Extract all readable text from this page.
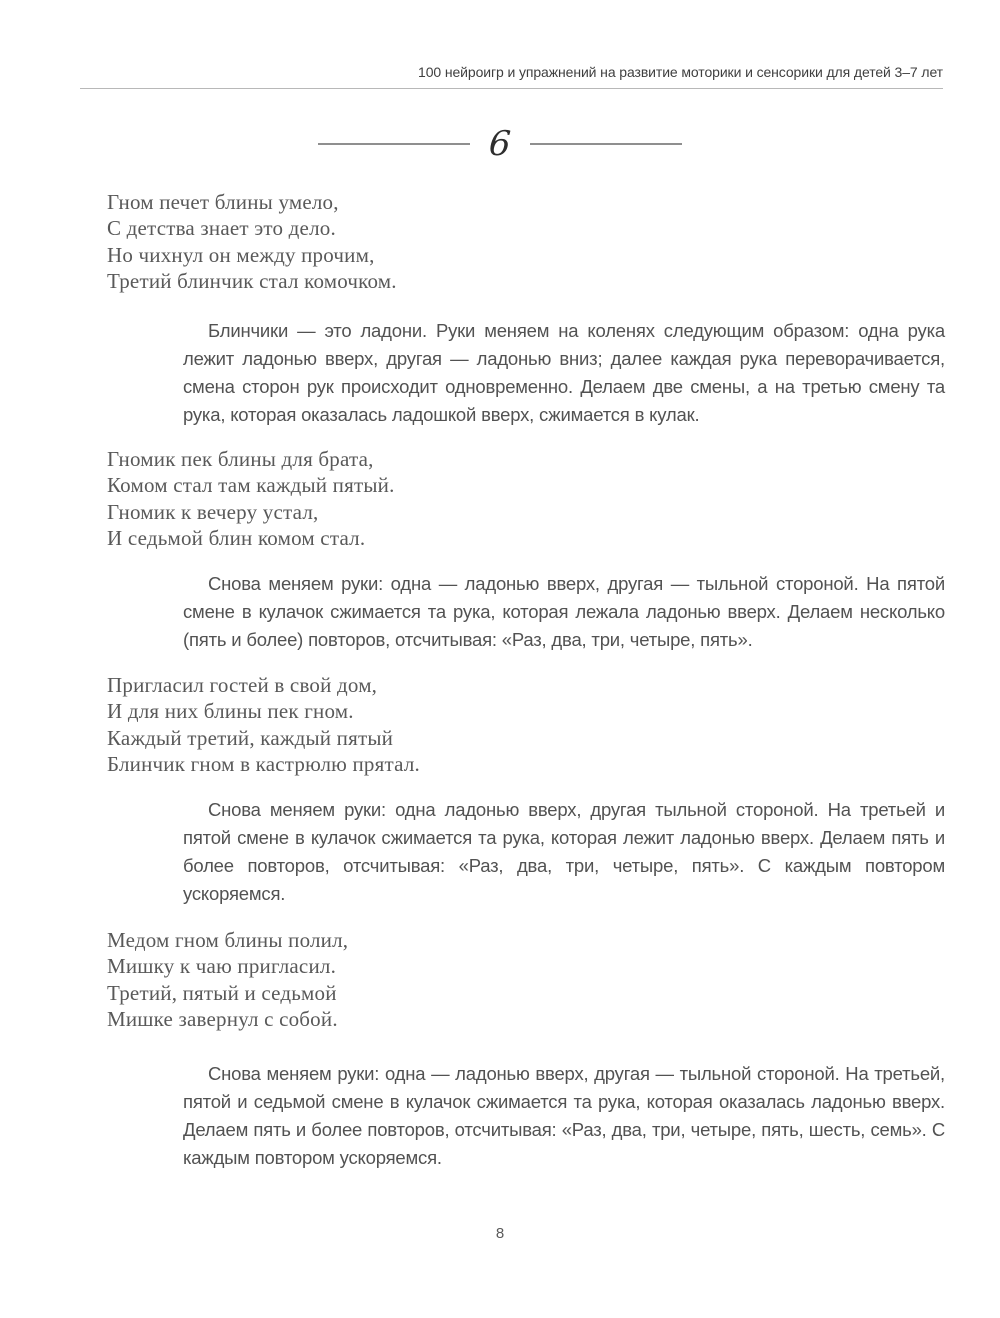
100 нейроигр и упражнений на развитие моторики и сенсорики для детей 3–7 лет
6
Гном печет блины умело,
С детства знает это дело.
Но чихнул он между прочим,
Третий блинчик стал комочком.
Блинчики — это ладони. Руки меняем на коленях следующим образом: одна рука лежит ладонью вверх, другая — ладонью вниз; далее каждая рука переворачивается, смена сторон рук происходит одновременно. Делаем две смены, а на третью смену та рука, которая оказалась ладошкой вверх, сжимается в кулак.
Гномик пек блины для брата,
Комом стал там каждый пятый.
Гномик к вечеру устал,
И седьмой блин комом стал.
Снова меняем руки: одна — ладонью вверх, другая — тыльной стороной. На пятой смене в кулачок сжимается та рука, которая лежала ладонью вверх. Делаем несколько (пять и более) повторов, отсчитывая: «Раз, два, три, четыре, пять».
Пригласил гостей в свой дом,
И для них блины пек гном.
Каждый третий, каждый пятый
Блинчик гном в кастрюлю прятал.
Снова меняем руки: одна ладонью вверх, другая тыльной стороной. На третьей и пятой смене в кулачок сжимается та рука, которая лежит ладонью вверх. Делаем пять и более повторов, отсчитывая: «Раз, два, три, четыре, пять». С каждым повтором ускоряемся.
Медом гном блины полил,
Мишку к чаю пригласил.
Третий, пятый и седьмой
Мишке завернул с собой.
Снова меняем руки: одна — ладонью вверх, другая — тыльной стороной. На третьей, пятой и седьмой смене в кулачок сжимается та рука, которая оказалась ладонью вверх. Делаем пять и более повторов, отсчитывая: «Раз, два, три, четыре, пять, шесть, семь». С каждым повтором ускоряемся.
8
